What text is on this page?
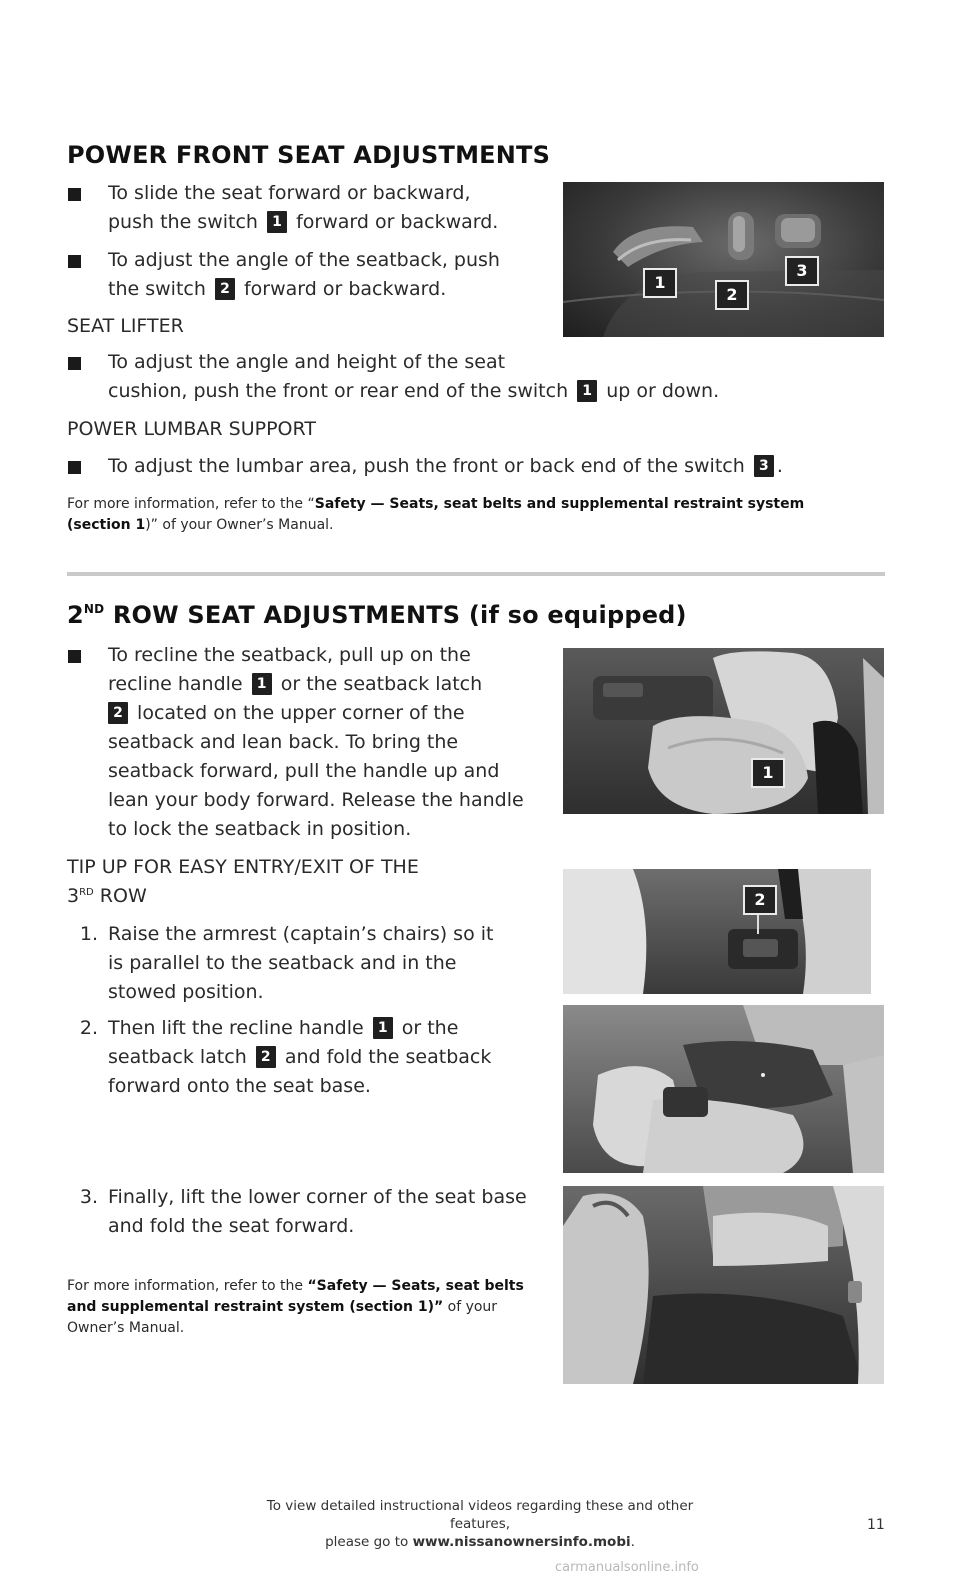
POWER FRONT SEAT ADJUSTMENTS
To slide the seat forward or backward,
push the switch 1 forward or backward.
To adjust the angle of the seatback, push
the switch 2 forward or backward.
SEAT LIFTER
To adjust the angle and height of the seat
cushion, push the front or rear end of the switch 1 up or down.
POWER LUMBAR SUPPORT
To adjust the lumbar area, push the front or back end of the switch 3 .
For more information, refer to the “Safety — Seats, seat belts and supplemental restraint system (section 1)” of your Owner’s Manual.
1
2
3
2ND ROW SEAT ADJUSTMENTS (if so equipped)
To recline the seatback, pull up on the
recline handle 1 or the seatback latch
2 located on the upper corner of the
seatback and lean back. To bring the
seatback forward, pull the handle up and
lean your body forward. Release the handle
to lock the seatback in position.
TIP UP FOR EASY ENTRY/EXIT OF THE
3RD ROW
1. Raise the armrest (captain’s chairs) so it
is parallel to the seatback and in the
stowed position.
2. Then lift the recline handle 1 or the
seatback latch 2 and fold the seatback
forward onto the seat base.
3. Finally, lift the lower corner of the seat base
and fold the seat forward.
For more information, refer to the “Safety — Seats, seat belts and supplemental restraint system (section 1)” of your Owner’s Manual.
1
2
To view detailed instructional videos regarding these and other features,
please go to www.nissanownersinfo.mobi.
11
carmanualsonline.info
